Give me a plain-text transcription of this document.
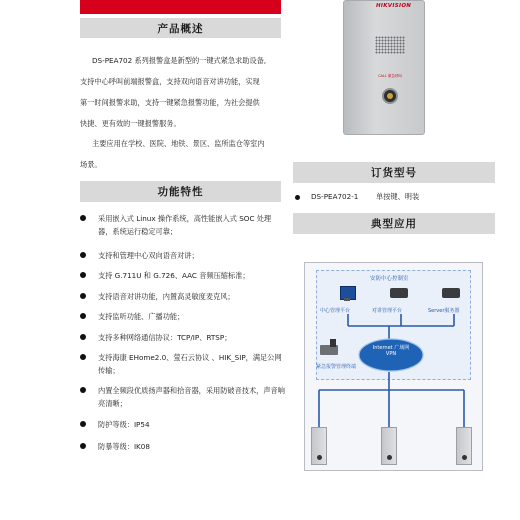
产品概述
DS-PEA702 系列报警盒是新型的一键式紧急求助设备,
支持中心呼叫前端报警盒，支持双向语音对讲功能，实现
第一时间报警求助，支持一键紧急报警功能，为社会提供
快捷、更有效的一键报警服务。
主要应用在学校、医院、地铁、景区、监所监仓等室内
场景。
功能特性
采用嵌入式 Linux 操作系统，高性能嵌入式 SOC 处理器，系统运行稳定可靠；
支持和管理中心双向语音对讲；
支持 G.711U 和 G.726、AAC 音频压缩标准；
支持语音对讲功能，内置高灵敏度麦克风；
支持监听功能、广播功能；
支持多种网络通信协议：TCP/IP、RTSP；
支持海康 EHome2.0、萤石云协议 、HIK_SIP，满足公网传输；
内置全频段优质扬声器和拾音器，采用防破音技术，声音响亮清晰；
防护等级：IP54
防暴等级：IK08
HIKVISION
CALL 紧急呼叫
订货型号
DS-PEA702-1 单按键、明装
典型应用
安防中心控制室
中心管理平台	对讲管理平台	Server服务器
Internet 广域网
VPN
紧急报警管理终端
